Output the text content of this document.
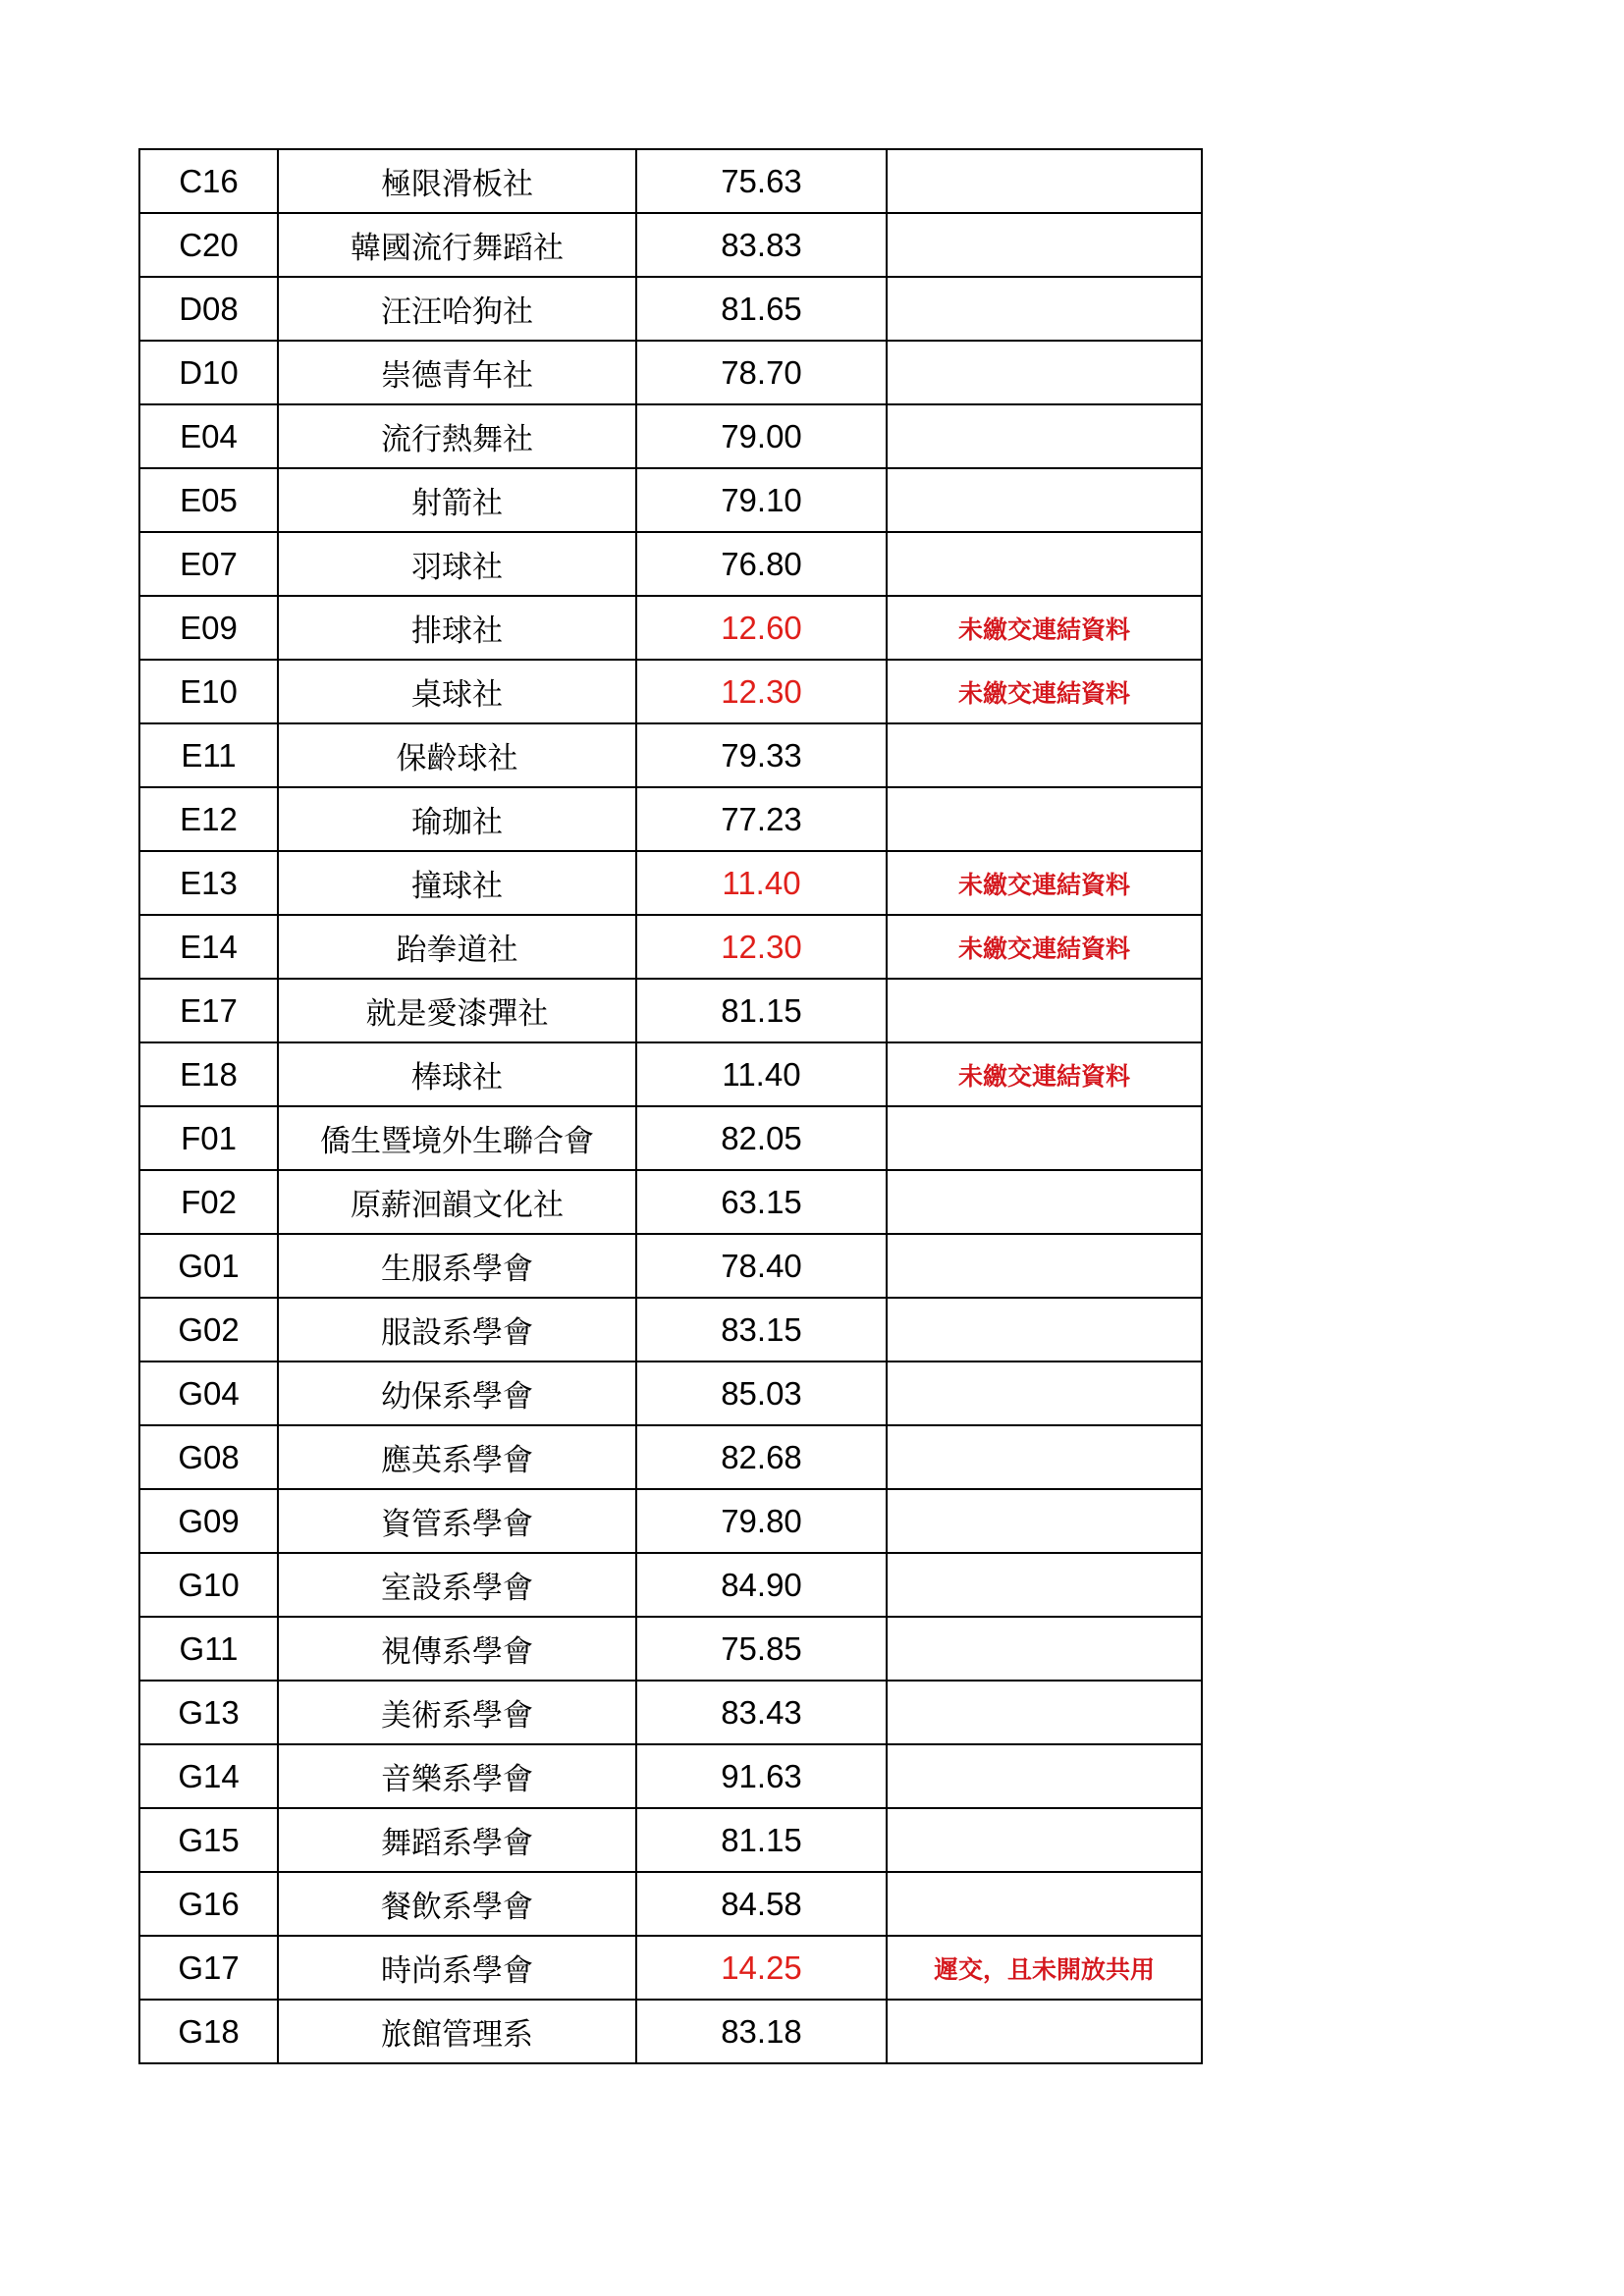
C16	極限滑板社	75.63	
C20	韓國流行舞蹈社	83.83	
D08	汪汪哈狗社	81.65	
D10	崇德青年社	78.70	
E04	流行熱舞社	79.00	
E05	射箭社	79.10	
E07	羽球社	76.80	
E09	排球社	12.60	未繳交連結資料
E10	桌球社	12.30	未繳交連結資料
E11	保齡球社	79.33	
E12	瑜珈社	77.23	
E13	撞球社	11.40	未繳交連結資料
E14	跆拳道社	12.30	未繳交連結資料
E17	就是愛漆彈社	81.15	
E18	棒球社	11.40	未繳交連結資料
F01	僑生暨境外生聯合會	82.05	
F02	原薪洄韻文化社	63.15	
G01	生服系學會	78.40	
G02	服設系學會	83.15	
G04	幼保系學會	85.03	
G08	應英系學會	82.68	
G09	資管系學會	79.80	
G10	室設系學會	84.90	
G11	視傳系學會	75.85	
G13	美術系學會	83.43	
G14	音樂系學會	91.63	
G15	舞蹈系學會	81.15	
G16	餐飲系學會	84.58	
G17	時尚系學會	14.25	遲交，且未開放共用
G18	旅館管理系	83.18	
